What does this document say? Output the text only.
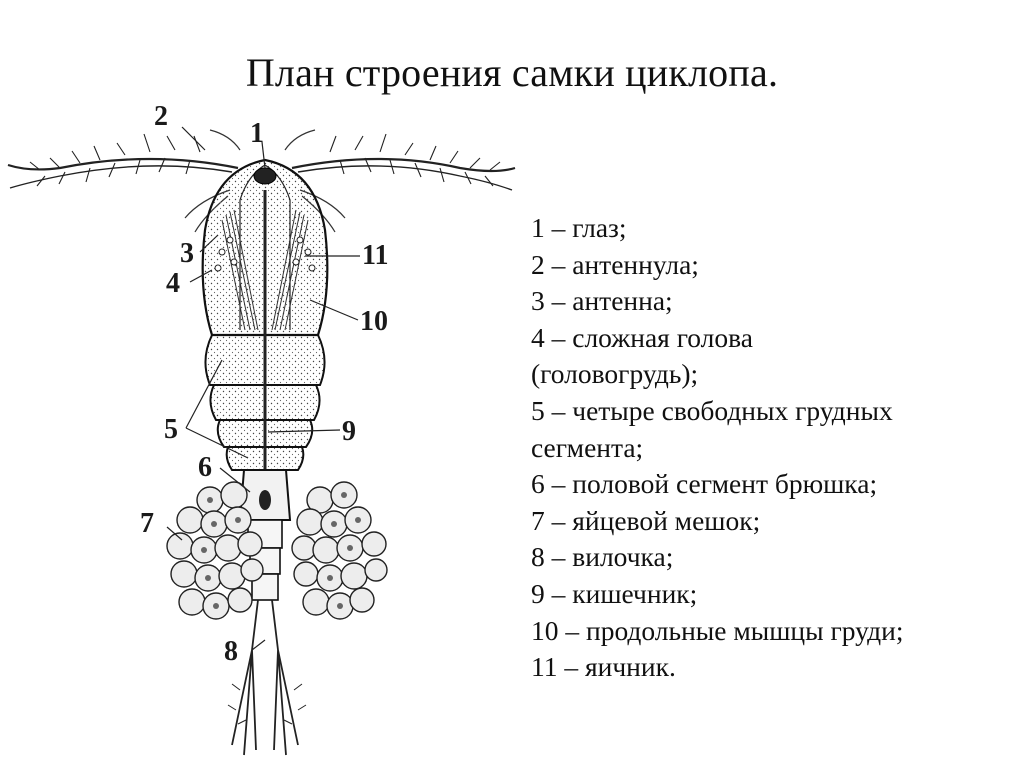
План строения самки циклопа.
1
2
3
4
5
6
7
8
9
10
11
1 – глаз;
2 – антеннула;
3 – антенна;
4 – сложная голова
(головогрудь);
5 – четыре свободных грудных
сегмента;
6 – половой сегмент брюшка;
7 – яйцевой мешок;
8 – вилочка;
9 – кишечник;
10 – продольные мышцы груди;
11 – яичник.
